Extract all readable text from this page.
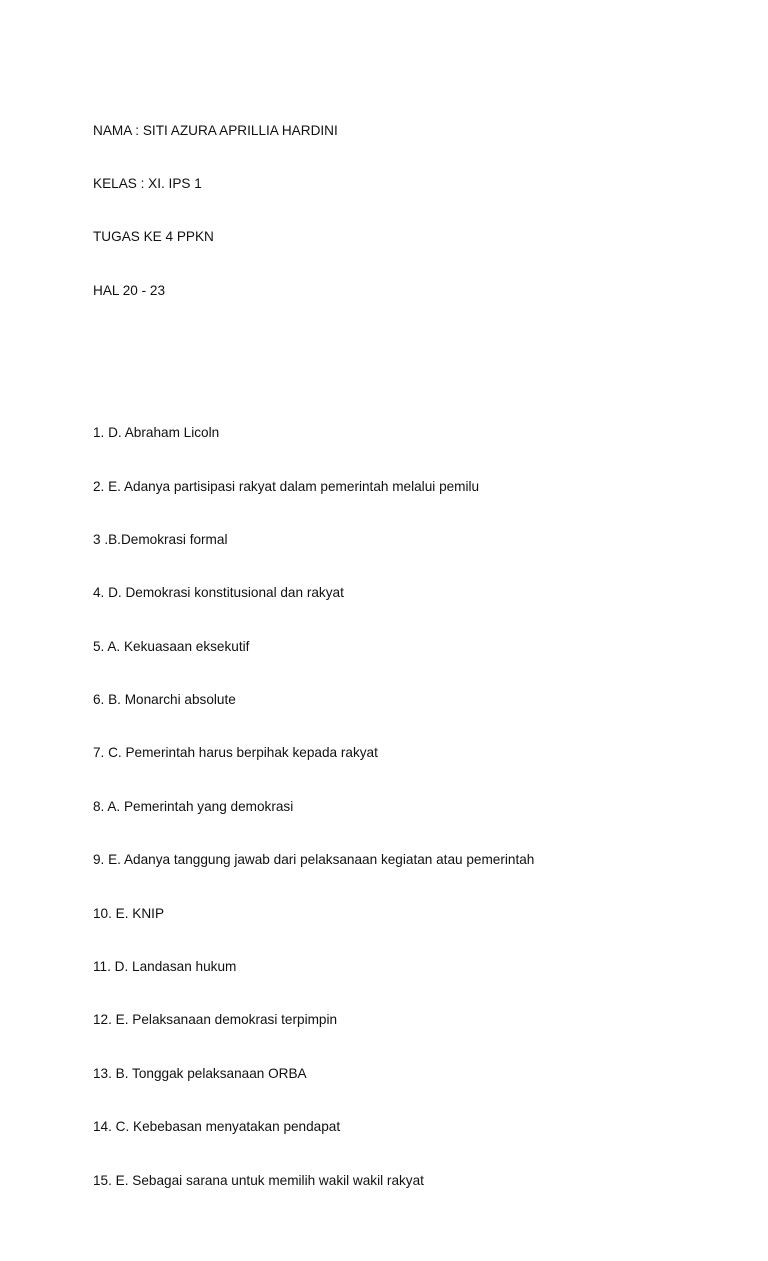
NAMA : SITI AZURA APRILLIA HARDINI

KELAS : XI. IPS 1

TUGAS KE 4 PPKN

HAL 20 - 23

1. D. Abraham Licoln

2. E. Adanya partisipasi rakyat dalam pemerintah melalui pemilu

3 .B.Demokrasi formal

4. D. Demokrasi konstitusional dan rakyat

5. A. Kekuasaan eksekutif

6. B. Monarchi absolute

7. C. Pemerintah harus berpihak kepada rakyat

8. A. Pemerintah yang demokrasi

9. E. Adanya tanggung jawab dari pelaksanaan kegiatan atau pemerintah

10. E. KNIP

11. D. Landasan hukum

12. E. Pelaksanaan demokrasi terpimpin

13. B. Tonggak pelaksanaan ORBA

14. C. Kebebasan menyatakan pendapat

15. E. Sebagai sarana untuk memilih wakil wakil rakyat
